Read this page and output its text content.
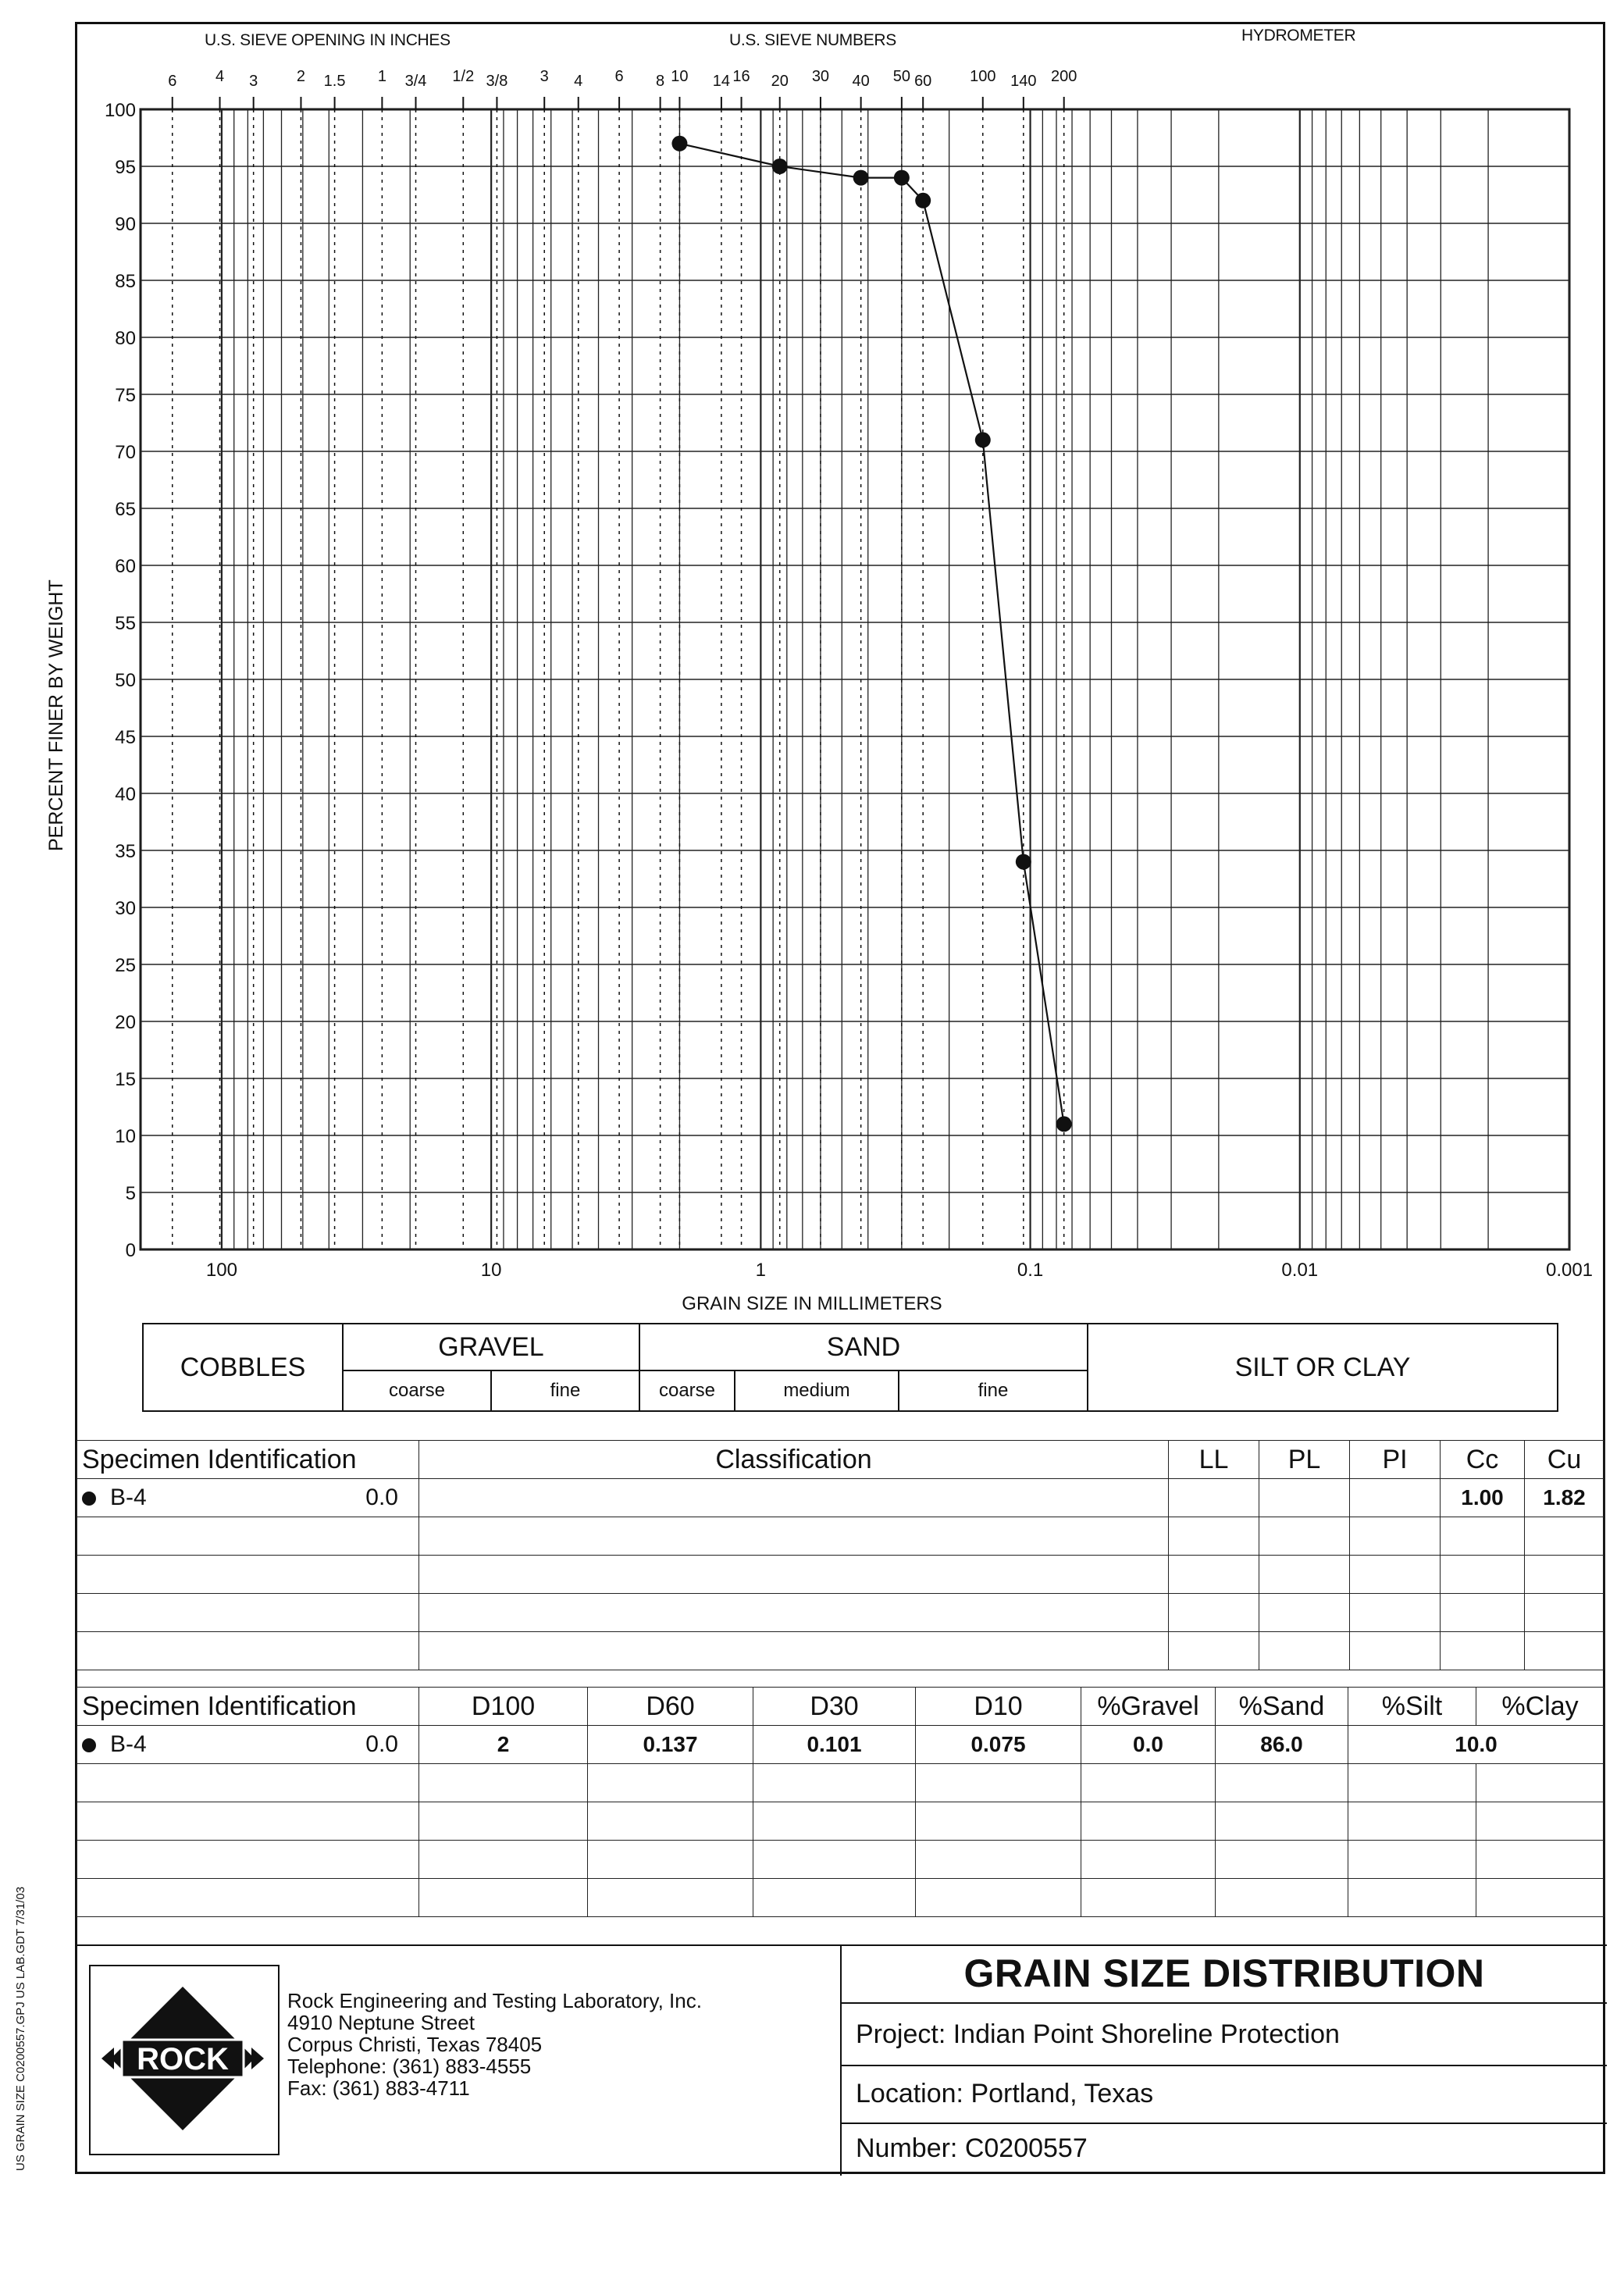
6 4 3 2 1.5 1 3/4 1/2 3/8 3 4 6 8 10 14 16 20 30 40 50 60 100 140 200
0
5
10
15
20
25
30
35
40
45
50
55
60
65
70
75
80
85
90
95
100
100	10	1	0.1	0.01	0.001
U.S. SIEVE OPENING IN INCHES	U.S. SIEVE NUMBERS	HYDROMETER
PERCENT FINER BY WEIGHT
GRAIN SIZE IN MILLIMETERS
COBBLES
GRAVEL
coarse	fine
SAND
coarse	medium	fine
SILT OR CLAY
Specimen Identification	Classification	LL	PL	PI	Cc	Cu
B-4 0.0					1.00	1.82

Specimen Identification	D100	D60	D30	D10	%Gravel	%Sand	%Silt	%Clay
B-4 0.0	2	0.137	0.101	0.075	0.0	86.0	10.0	

ROCK
Rock Engineering and Testing Laboratory, Inc.
4910 Neptune Street
Corpus Christi, Texas 78405
Telephone: (361) 883-4555
Fax: (361) 883-4711
GRAIN SIZE DISTRIBUTION
Project: Indian Point Shoreline Protection
Location: Portland, Texas
Number: C0200557
US GRAIN SIZE C0200557.GPJ US LAB.GDT 7/31/03
